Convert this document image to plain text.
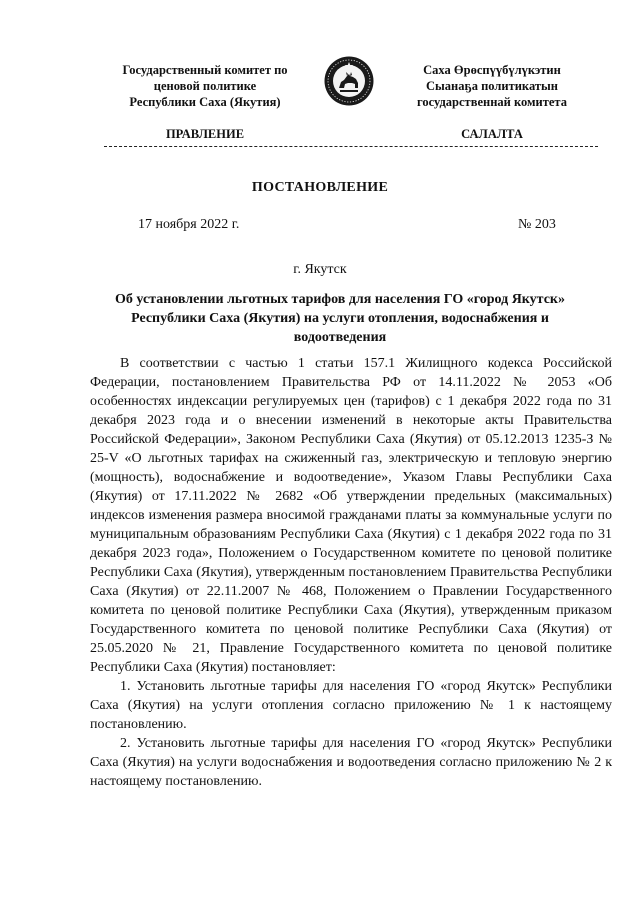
Государственный комитет по
ценовой политике
Республики Саха (Якутия)
Саха Өрөспүүбүлүкэтин
Сыанаҕа политикатын
государственнай комитета
ПРАВЛЕНИЕ	САЛАЛТА
ПОСТАНОВЛЕНИЕ
17 ноября 2022 г.	№ 203
г. Якутск
Об установлении льготных тарифов для населения ГО «город Якутск»
Республики Саха (Якутия) на услуги отопления, водоснабжения и
водоотведения

В соответствии с частью 1 статьи 157.1 Жилищного кодекса Российской Федерации, постановлением Правительства РФ от 14.11.2022 № 2053 «Об особенностях индексации регулируемых цен (тарифов) с 1 декабря 2022 года по 31 декабря 2023 года и о внесении изменений в некоторые акты Правительства Российской Федерации», Законом Республики Саха (Якутия) от 05.12.2013 1235-З № 25-V «О льготных тарифах на сжиженный газ, электрическую и тепловую энергию (мощность), водоснабжение и водоотведение», Указом Главы Республики Саха (Якутия) от 17.11.2022 № 2682 «Об утверждении предельных (максимальных) индексов изменения размера вносимой гражданами платы за коммунальные услуги по муниципальным образованиям Республики Саха (Якутия) с 1 декабря 2022 года по 31 декабря 2023 года», Положением о Государственном комитете по ценовой политике Республики Саха (Якутия), утвержденным постановлением Правительства Республики Саха (Якутия) от 22.11.2007 № 468, Положением о Правлении Государственного комитета по ценовой политике Республики Саха (Якутия), утвержденным приказом Государственного комитета по ценовой политике Республики Саха (Якутия) от 25.05.2020 № 21, Правление Государственного комитета по ценовой политике Республики Саха (Якутия) постановляет:

1. Установить льготные тарифы для населения ГО «город Якутск» Республики Саха (Якутия) на услуги отопления согласно приложению № 1 к настоящему постановлению.

2. Установить льготные тарифы для населения ГО «город Якутск» Республики Саха (Якутия) на услуги водоснабжения и водоотведения согласно приложению № 2 к настоящему постановлению.
